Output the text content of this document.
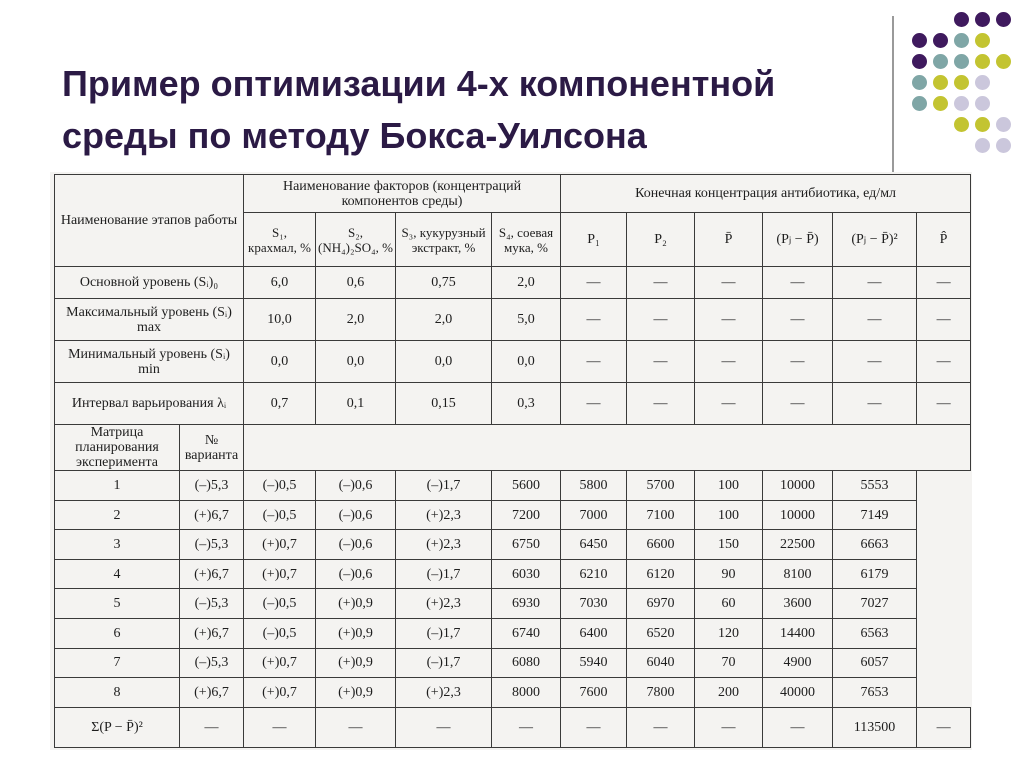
Пример оптимизации 4-х компонентной среды по методу Бокса-Уилсона
Наименование этапов работы		Наименование факторов (концентраций компонентов среды)				Конечная концентрация антибиотика, ед/мл					
		S₁, крахмал, %	S₂, (NH₄)₂SO₄, %	S₃, кукурузный экстракт, %	S₄, соевая мука, %	P₁	P₂	P̄	(Pⱼ − P̄)	(Pⱼ − P̄)²	P̂
Основной уровень (Sᵢ)₀		6,0	0,6	0,75	2,0	—	—	—	—	—	—
Максимальный уровень (Sᵢ) max		10,0	2,0	2,0	5,0	—	—	—	—	—	—
Минимальный уровень (Sᵢ) min		0,0	0,0	0,0	0,0	—	—	—	—	—	—
Интервал варьирования λᵢ		0,7	0,1	0,15	0,3	—	—	—	—	—	—
Матрица планирования эксперимента	№ варианта										
1	(–)5,3	(–)0,5	(–)0,6	(–)1,7	5600	5800	5700	100	10000	5553	
2	(+)6,7	(–)0,5	(–)0,6	(+)2,3	7200	7000	7100	100	10000	7149	
3	(–)5,3	(+)0,7	(–)0,6	(+)2,3	6750	6450	6600	150	22500	6663	
4	(+)6,7	(+)0,7	(–)0,6	(–)1,7	6030	6210	6120	90	8100	6179	
5	(–)5,3	(–)0,5	(+)0,9	(+)2,3	6930	7030	6970	60	3600	7027	
6	(+)6,7	(–)0,5	(+)0,9	(–)1,7	6740	6400	6520	120	14400	6563	
7	(–)5,3	(+)0,7	(+)0,9	(–)1,7	6080	5940	6040	70	4900	6057	
8	(+)6,7	(+)0,7	(+)0,9	(+)2,3	8000	7600	7800	200	40000	7653	
Σ(P − P̄)²	—	—	—	—	—	—	—	—	—	113500	—
